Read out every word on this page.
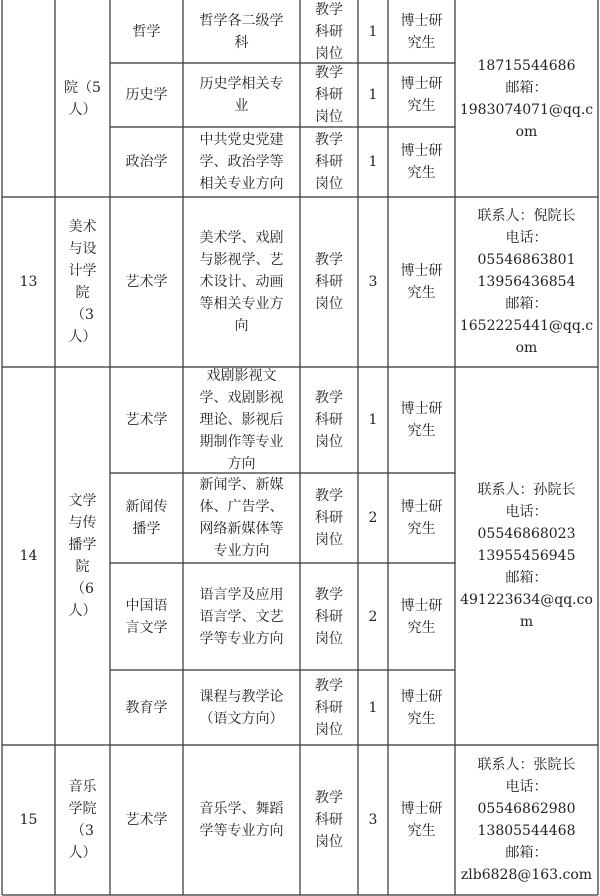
院（5
人）
18715544686
邮箱：
1983074071@qq.c
om
哲学
哲学各二级学
科
教学
科研
岗位
1
博士研
究生
历史学
历史学相关专
业
教学
科研
岗位
1
博士研
究生
政治学
中共党史党建
学、政治学等
相关专业方向
教学
科研
岗位
1
博士研
究生
13
美术
与设
计学
院
（3
人）
联系人：倪院长
电话：
05546863801
13956436854
邮箱：
1652225441@qq.c
om
艺术学
美术学、戏剧
与影视学、艺
术设计、动画
等相关专业方
向
教学
科研
岗位
3
博士研
究生
14
文学
与传
播学
院
（6
人）
联系人：孙院长
电话：
05546868023
13955456945
邮箱：
491223634@qq.co
m
艺术学
戏剧影视文
学、戏剧影视
理论、影视后
期制作等专业
方向
教学
科研
岗位
1
博士研
究生
新闻传
播学
新闻学、新媒
体、广告学、
网络新媒体等
专业方向
教学
科研
岗位
2
博士研
究生
中国语
言文学
语言学及应用
语言学、文艺
学等专业方向
教学
科研
岗位
2
博士研
究生
教育学
课程与教学论
（语文方向）
教学
科研
岗位
1
博士研
究生
15
音乐
学院
（3
人）
联系人：张院长
电话：
05546862980
13805544468
邮箱：
zlb6828@163.com
艺术学
音乐学、舞蹈
学等专业方向
教学
科研
岗位
3
博士研
究生
